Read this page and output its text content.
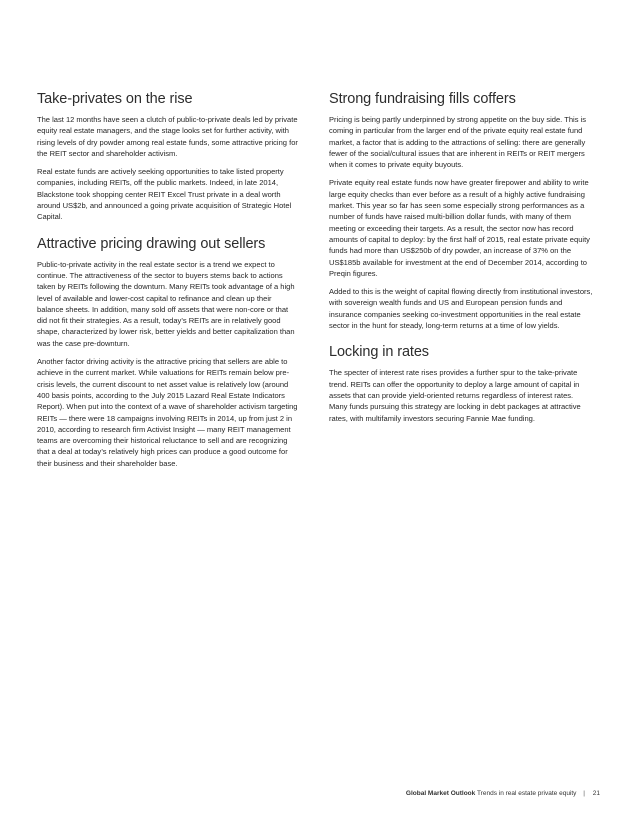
Take-privates on the rise

The last 12 months have seen a clutch of public-to-private deals led by private equity real estate managers, and the stage looks set for further activity, with rising levels of dry powder among real estate funds, some attractive pricing for the REIT sector and shareholder activism.

Real estate funds are actively seeking opportunities to take listed property companies, including REITs, off the public markets. Indeed, in late 2014, Blackstone took shopping center REIT Excel Trust private in a deal worth around US$2b, and announced a going private acquisition of Strategic Hotel Capital.

Attractive pricing drawing out sellers

Public-to-private activity in the real estate sector is a trend we expect to continue. The attractiveness of the sector to buyers stems back to actions taken by REITs following the downturn. Many REITs took advantage of a high level of available and lower-cost capital to refinance and clean up their balance sheets. In addition, many sold off assets that were non-core or that did not fit their strategies. As a result, today’s REITs are in relatively good shape, characterized by lower risk, better yields and better capitalization than was the case pre-downturn.

Another factor driving activity is the attractive pricing that sellers are able to achieve in the current market. While valuations for REITs remain below pre-crisis levels, the current discount to net asset value is relatively low (around 400 basis points, according to the July 2015 Lazard Real Estate Indicators Report). When put into the context of a wave of shareholder activism targeting REITs — there were 18 campaigns involving REITs in 2014, up from just 2 in 2010, according to research firm Activist Insight — many REIT management teams are overcoming their historical reluctance to sell and are recognizing that a deal at today’s relatively high prices can produce a good outcome for their business and their shareholder base.

Strong fundraising fills coffers

Pricing is being partly underpinned by strong appetite on the buy side. This is coming in particular from the larger end of the private equity real estate fund market, a factor that is adding to the attractions of selling: there are generally fewer of the social/cultural issues that are inherent in REITs or REIT mergers when it comes to private equity buyouts.

Private equity real estate funds now have greater firepower and ability to write large equity checks than ever before as a result of a highly active fundraising market. This year so far has seen some especially strong performances as a number of funds have raised multi-billion dollar funds, with many of them meeting or exceeding their targets. As a result, the sector now has record amounts of capital to deploy: by the first half of 2015, real estate private equity funds had more than US$250b of dry powder, an increase of 37% on the US$185b available for investment at the end of December 2014, according to Preqin figures.

Added to this is the weight of capital flowing directly from institutional investors, with sovereign wealth funds and US and European pension funds and insurance companies seeking co-investment opportunities in the real estate sector in the hunt for steady, long-term returns at a time of low yields.

Locking in rates

The specter of interest rate rises provides a further spur to the take-private trend. REITs can offer the opportunity to deploy a large amount of capital in assets that can provide yield-oriented returns regardless of interest rates. Many funds pursuing this strategy are locking in debt packages at attractive rates, with multifamily investors securing Fannie Mae funding.

Global Market Outlook Trends in real estate private equity | 21
